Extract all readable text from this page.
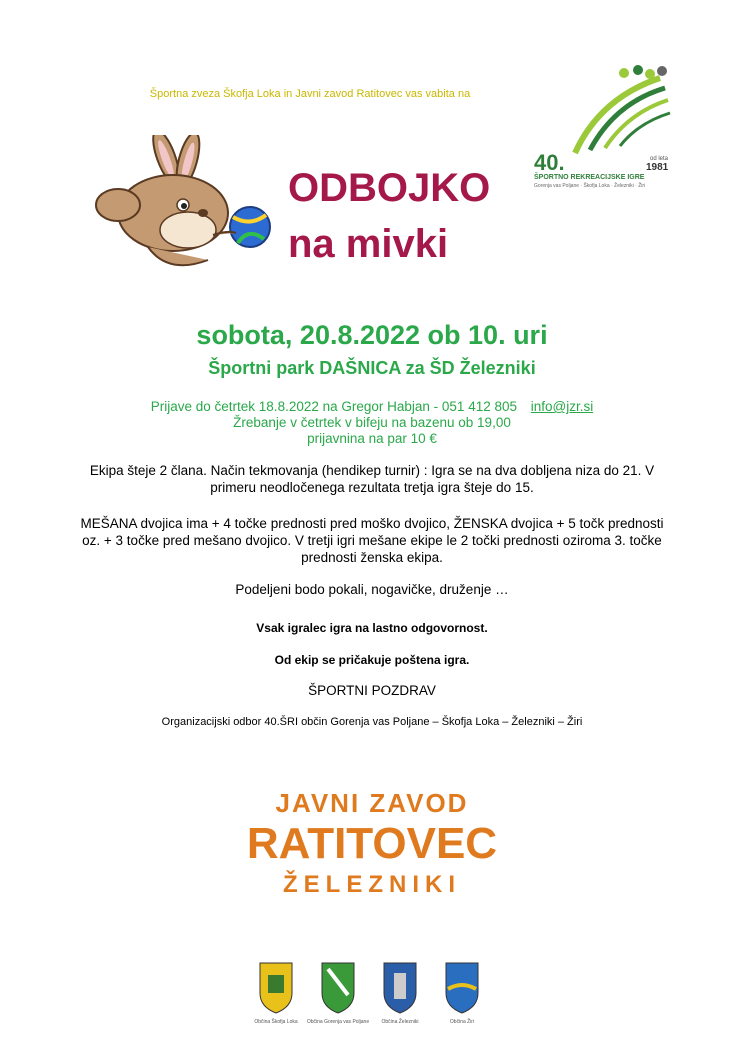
Športna zveza Škofja Loka in Javni zavod Ratitovec vas vabita na
40.	od leta
1981
ŠPORTNO REKREACIJSKE IGRE
Gorenja vas Poljane · Škofja Loka · Železniki · Žiri
ODBOJKO
na mivki
sobota, 20.8.2022 ob 10. uri
Športni park DAŠNICA za ŠD Železniki
Prijave do četrtek 18.8.2022 na Gregor Habjan - 051 412 805 info@jzr.si
Žrebanje v četrtek v bifeju na bazenu ob 19,00
prijavnina na par 10 €
Ekipa šteje 2 člana. Način tekmovanja (hendikep turnir) : Igra se na dva dobljena niza do 21. V primeru neodločenega rezultata tretja igra šteje do 15.
MEŠANA dvojica ima + 4 točke prednosti pred moško dvojico, ŽENSKA dvojica + 5 točk prednosti oz. + 3 točke pred mešano dvojico. V tretji igri mešane ekipe le 2 točki prednosti oziroma 3. točke prednosti ženska ekipa.
Podeljeni bodo pokali, nogavičke, druženje …
Vsak igralec igra na lastno odgovornost.
Od ekip se pričakuje poštena igra.
ŠPORTNI POZDRAV
Organizacijski odbor 40.ŠRI občin Gorenja vas Poljane – Škofja Loka – Železniki – Žiri
JAVNI ZAVOD
RATITOVEC
ŽELEZNIKI
Občina Škofja Loka Občina Gorenja vas Poljane Občina Železniki	Občina Žiri
